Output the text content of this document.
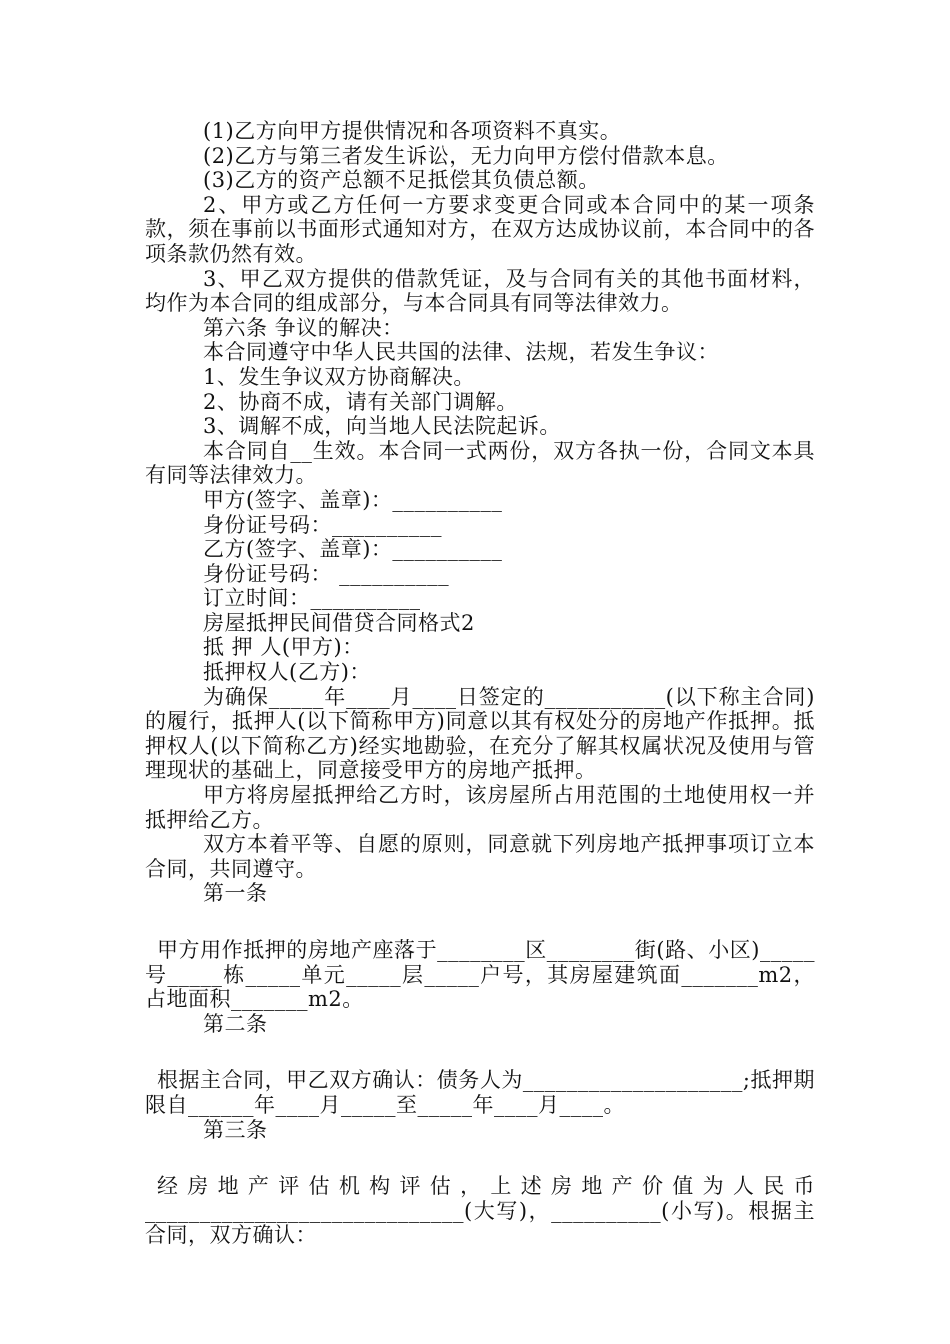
(1)乙方向甲方提供情况和各项资料不真实。

(2)乙方与第三者发生诉讼，无力向甲方偿付借款本息。

(3)乙方的资产总额不足抵偿其负债总额。

2、甲方或乙方任何一方要求变更合同或本合同中的某一项条款，须在事前以书面形式通知对方，在双方达成协议前，本合同中的各项条款仍然有效。

3、甲乙双方提供的借款凭证，及与合同有关的其他书面材料，均作为本合同的组成部分，与本合同具有同等法律效力。

第六条 争议的解决：

本合同遵守中华人民共国的法律、法规，若发生争议：

1、发生争议双方协商解决。

2、协商不成，请有关部门调解。

3、调解不成，向当地人民法院起诉。

本合同自__生效。本合同一式两份，双方各执一份，合同文本具有同等法律效力。

甲方(签字、盖章)：__________

身份证号码：__________

乙方(签字、盖章)：__________

身份证号码： __________

订立时间：__________

房屋抵押民间借贷合同格式2

抵 押 人(甲方)：

抵押权人(乙方)：

为确保_____年____月____日签定的___________(以下称主合同)的履行，抵押人(以下简称甲方)同意以其有权处分的房地产作抵押。抵押权人(以下简称乙方)经实地勘验，在充分了解其权属状况及使用与管理现状的基础上，同意接受甲方的房地产抵押。

甲方将房屋抵押给乙方时，该房屋所占用范围的土地使用权一并抵押给乙方。

双方本着平等、自愿的原则，同意就下列房地产抵押事项订立本合同，共同遵守。

第一条

甲方用作抵押的房地产座落于________区________街(路、小区)_____号_____栋_____单元_____层_____户号，其房屋建筑面_______m2，占地面积_______m2。

第二条

根据主合同，甲乙双方确认：债务人为____________________;抵押期限自______年____月_____至_____年____月____。

第三条

经房地产评估机构评估，上述房地产价值为人民币_____________________________(大写)，__________(小写)。根据主合同，双方确认：
